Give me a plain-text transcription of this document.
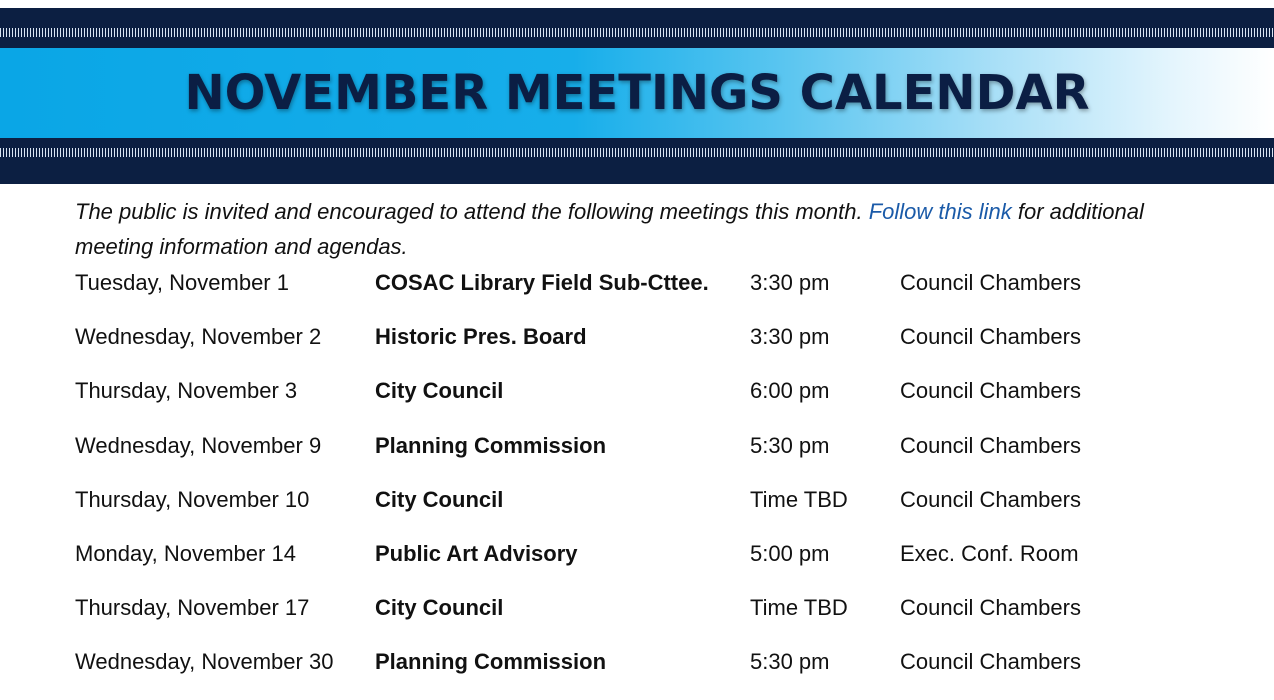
NOVEMBER MEETINGS CALENDAR

The public is invited and encouraged to attend the following meetings this month. Follow this link for additional meeting information and agendas.

Tuesday, November 1	COSAC Library Field Sub-Cttee. 3:30 pm	Council Chambers
Wednesday, November 2 Historic Pres. Board	3:30 pm	Council Chambers
Thursday, November 3	City Council	6:00 pm	Council Chambers
Wednesday, November 9 Planning Commission	5:30 pm	Council Chambers
Thursday, November 10	City Council	Time TBD Council Chambers
Monday, November 14	Public Art Advisory	5:00 pm	Exec. Conf. Room
Thursday, November 17	City Council	Time TBD Council Chambers
Wednesday, November 30 Planning Commission	5:30 pm	Council Chambers
